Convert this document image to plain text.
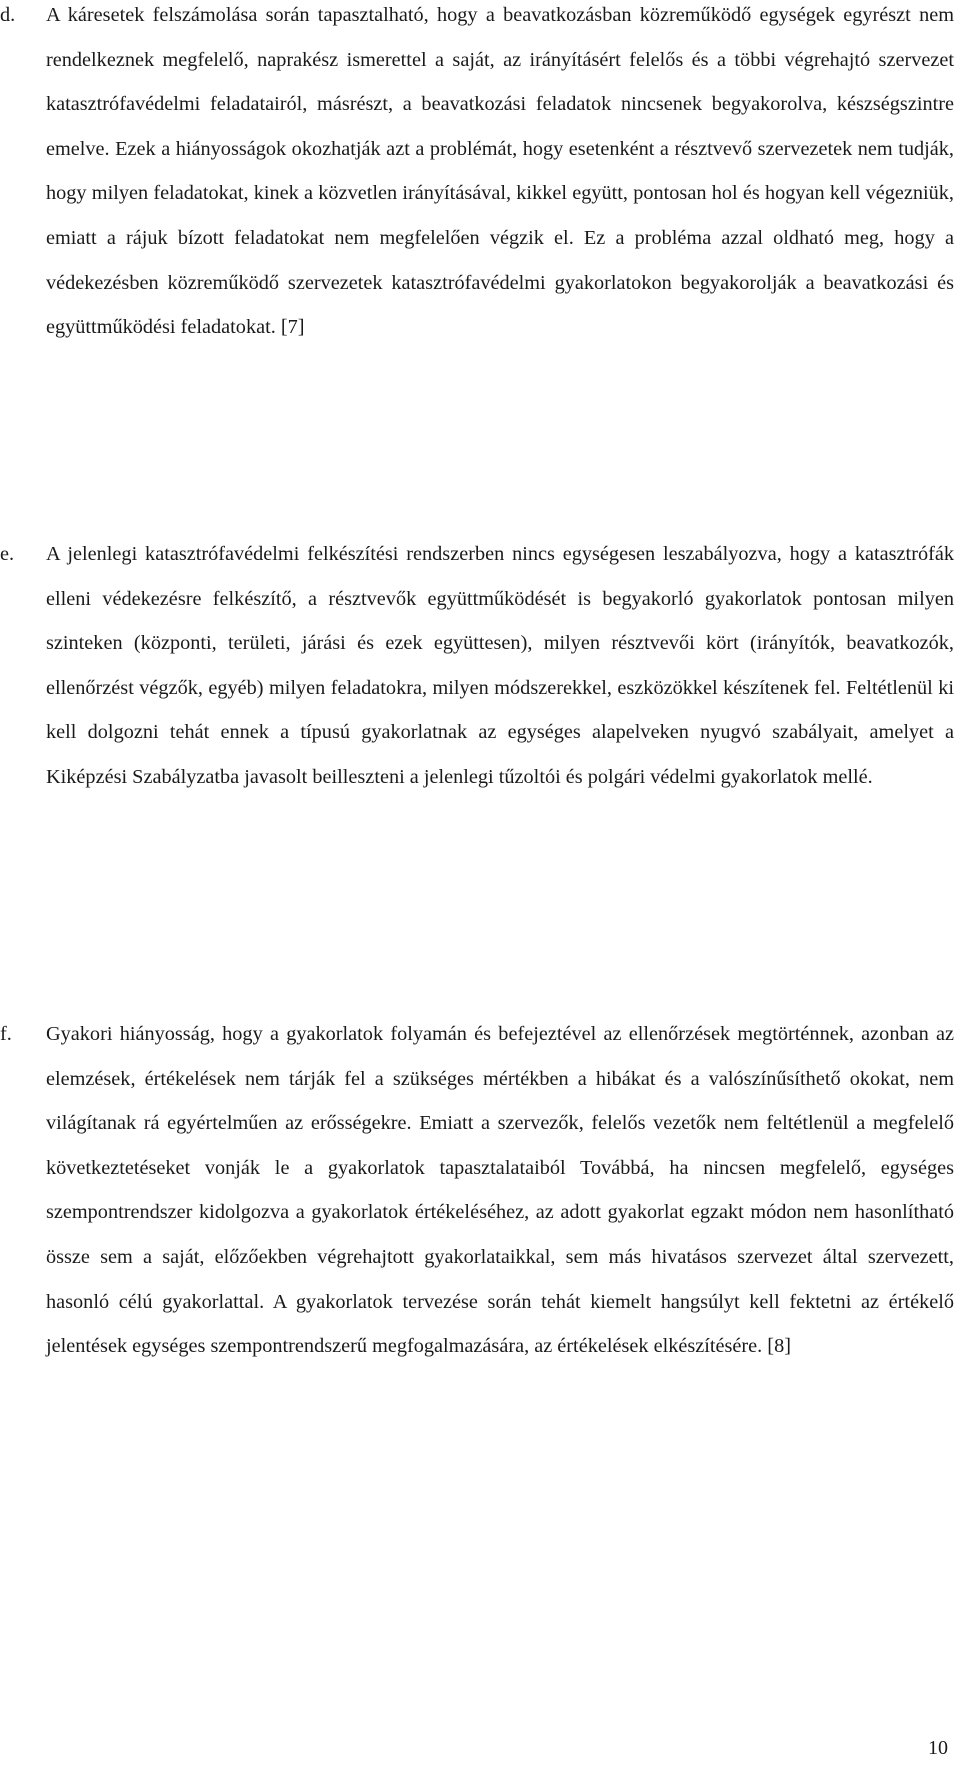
d. A káresetek felszámolása során tapasztalható, hogy a beavatkozásban közreműködő egységek egyrészt nem rendelkeznek megfelelő, naprakész ismerettel a saját, az irányításért felelős és a többi végrehajtó szervezet katasztrófavédelmi feladatairól, másrészt, a beavatkozási feladatok nincsenek begyakorolva, készségszintre emelve. Ezek a hiányosságok okozhatják azt a problémát, hogy esetenként a résztvevő szervezetek nem tudják, hogy milyen feladatokat, kinek a közvetlen irányításával, kikkel együtt, pontosan hol és hogyan kell végezniük, emiatt a rájuk bízott feladatokat nem megfelelően végzik el. Ez a probléma azzal oldható meg, hogy a védekezésben közreműködő szervezetek katasztrófavédelmi gyakorlatokon begyakorolják a beavatkozási és együttműködési feladatokat. [7]
e. A jelenlegi katasztrófavédelmi felkészítési rendszerben nincs egységesen leszabályozva, hogy a katasztrófák elleni védekezésre felkészítő, a résztvevők együttműködését is begyakorló gyakorlatok pontosan milyen szinteken (központi, területi, járási és ezek együttesen), milyen résztvevői kört (irányítók, beavatkozók, ellenőrzést végzők, egyéb) milyen feladatokra, milyen módszerekkel, eszközökkel készítenek fel. Feltétlenül ki kell dolgozni tehát ennek a típusú gyakorlatnak az egységes alapelveken nyugvó szabályait, amelyet a Kiképzési Szabályzatba javasolt beilleszteni a jelenlegi tűzoltói és polgári védelmi gyakorlatok mellé.
f. Gyakori hiányosság, hogy a gyakorlatok folyamán és befejeztével az ellenőrzések megtörténnek, azonban az elemzések, értékelések nem tárják fel a szükséges mértékben a hibákat és a valószínűsíthető okokat, nem világítanak rá egyértelműen az erősségekre. Emiatt a szervezők, felelős vezetők nem feltétlenül a megfelelő következtetéseket vonják le a gyakorlatok tapasztalataiból Továbbá, ha nincsen megfelelő, egységes szempontrendszer kidolgozva a gyakorlatok értékeléséhez, az adott gyakorlat egzakt módon nem hasonlítható össze sem a saját, előzőekben végrehajtott gyakorlataikkal, sem más hivatásos szervezet által szervezett, hasonló célú gyakorlattal. A gyakorlatok tervezése során tehát kiemelt hangsúlyt kell fektetni az értékelő jelentések egységes szempontrendszerű megfogalmazására, az értékelések elkészítésére. [8]
10
